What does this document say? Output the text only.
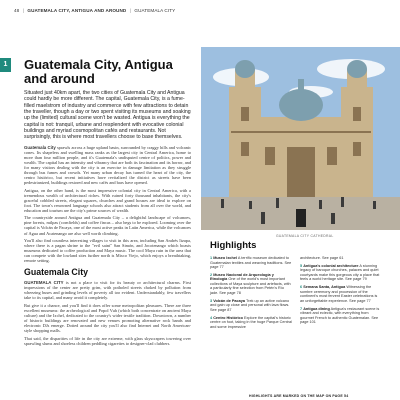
48 | GUATEMALA CITY, ANTIGUA AND AROUND | GUATEMALA CITY
1 Guatemala City, Antigua and around

Situated just 40km apart, the two cities of Guatemala City and Antigua could hardly be more different. The capital, Guatemala City, is a fume-filled maelstrom of industry and commerce with few attractions to detain the traveller, though a day or two spent visiting its museums and soaking up the (limited) cultural scene won't be wasted. Antigua is everything the capital is not: tranquil, urbane and resplendent with evocative colonial buildings and myriad cosmopolitan cafés and restaurants. Not surprisingly, this is where most travellers choose to base themselves.

Guatemala City sprawls across a huge upland basin, surrounded by craggy hills and volcanic cones. Its shapeless and swelling mass ranks as the largest city in Central America, home to more than four million people, and it's Guatemala's undisputed centre of politics, power and wealth. The capital has an intensity and vibrancy that are both its fascination and its horror, and for many visitors dealing with the city is an exercise in damage limitation as they struggle through bus fumes and crowds. Yet many urban decay has turned the heart of the city, the centro histórico, but recent initiatives have revitalized the district as streets have been pedestrianized, buildings restored and new cafés and bars have opened.

Antigua, on the other hand, is the most impressive colonial city in Central America, with a tremendous wealth of architectural riches. With ruined forty thousand inhabitants, the city's graceful cobbled streets, elegant squares, churches and grand houses are ideal to explore on foot. The town's renowned language schools also attract students from all over the world, and education and tourism are the city's prime sources of wealth.

The countryside around Antigua and Guatemala City – a delightful landscape of volcanoes, pine forests, milpas (cornfields) and coffee fincas – also begs to be explored. Looming over the capital is Volcán de Pacaya, one of the most active peaks in Latin America, while the volcanoes of Agua and Acatenango are also well worth climbing.

You'll also find countless interesting villages to visit in this area, including San Andrés Itzapa, where there is a pagan shrine to the "evil saint" San Simón, and Jocotenango which boasts museums dedicated to coffee production and Maya music. The cool Maya ruin in the area that can compete with the lowland sites further north is Mixco Viejo, which enjoys a breathtaking, remote setting.

Guatemala City

GUATEMALA CITY is not a place to visit for its beauty or architectural charms. First impressions of the center are pretty grim, with potholed streets choked by pollution from wheezing buses and grinding levels of poverty all too evident. Understandably, few travellers take to its capital, and many avoid it completely.

But give it a chance, and you'll find it does offer some metropolitan pleasures. There are three excellent museums: the archeological and Popol Vuh (which both concentrate on ancient Maya culture) and the Ixchel, dedicated to the country's wider textile tradition. Downtown, a number of historic buildings are renovated and new venues promoting alternative rock bands and electronic DJs emerge. Dotted around the city you'll also find Internet and North American-style shopping malls.

That said, the disparities of life in the city are extreme, with glass skyscrapers towering over sprawling slums and shoeless children peddling cigarettes to designer-clad clubbers.

GUATEMALA CITY CATHEDRAL
Highlights

1 Museo Ixchel A terrific museum dedicated to Guatemalan textiles and weaving traditions. See page 77

2 Museo Nacional de Arqueología y Etnología One of the world's most important collections of Maya sculpture and artefacts, with a particularly fine selection from Petén's Río jade. See page 78

3 Volcán de Pacaya Trek up an active volcano and gain up close and personal with lava flows. See page 87

4 Centro Histórico Explore the capital's historic centre on foot, taking in the huge Parque Central and some impressive

architecture. See page 61

5 Antigua's colonial architecture A stunning legacy of baroque churches, palaces and quiet courtyards make this gorgeous city a place that feels a world heritage site. See page 79

6 Semana Santa, Antigua Witnessing the sombre ceremony and procession of the continent's most fervent Easter celebrations is an unforgettable experience. See page 77

7 Antigua dining Antigua's restaurant scene is vibrant and eclectic, with everything from gourmet French to authentic Guatemalan. See page 101

HIGHLIGHTS ARE MARKED ON THE MAP ON PAGE 54
